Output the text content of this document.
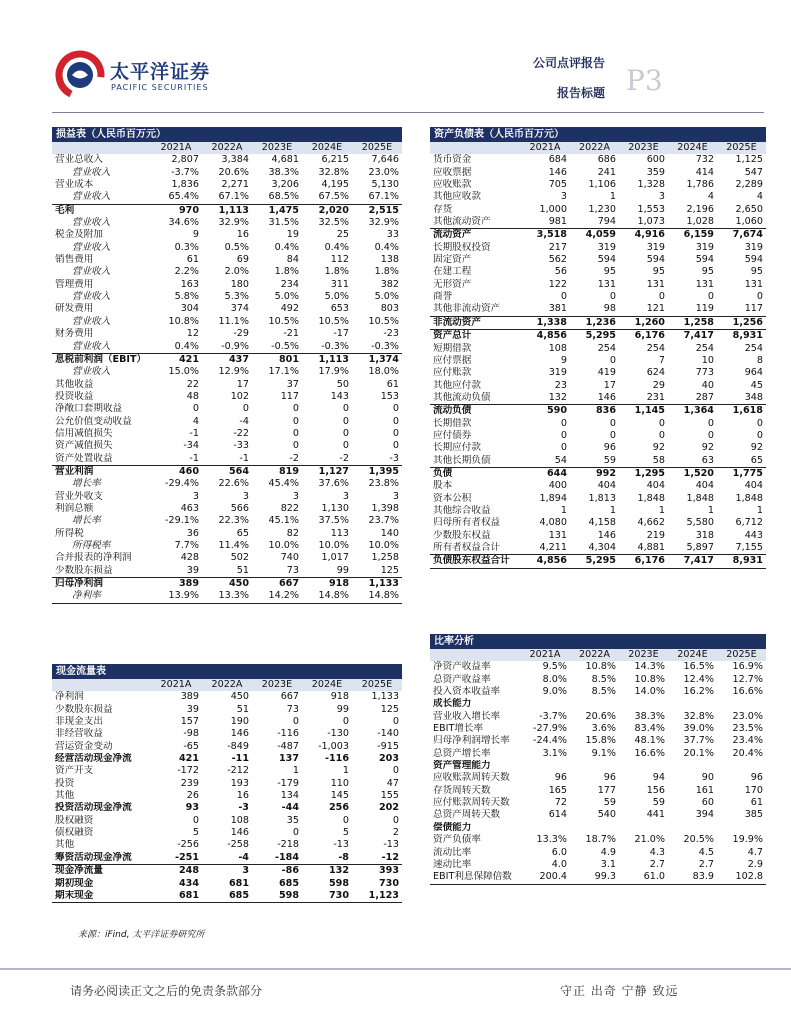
太平洋证券
PACIFIC SECURITIES
公司点评报告
报告标题 P3
损益表（人民币百万元）
	2021A	2022A	2023E	2024E	2025E
营业总收入	2,807	3,384	4,681	6,215	7,646
营业收入	-3.7%	20.6%	38.3%	32.8%	23.0%
营业成本	1,836	2,271	3,206	4,195	5,130
营业收入	65.4%	67.1%	68.5%	67.5%	67.1%
毛利	970	1,113	1,475	2,020	2,515
营业收入	34.6%	32.9%	31.5%	32.5%	32.9%
税金及附加	9	16	19	25	33
营业收入	0.3%	0.5%	0.4%	0.4%	0.4%
销售费用	61	69	84	112	138
营业收入	2.2%	2.0%	1.8%	1.8%	1.8%
管理费用	163	180	234	311	382
营业收入	5.8%	5.3%	5.0%	5.0%	5.0%
研发费用	304	374	492	653	803
营业收入	10.8%	11.1%	10.5%	10.5%	10.5%
财务费用	12	-29	-21	-17	-23
营业收入	0.4%	-0.9%	-0.5%	-0.3%	-0.3%
息税前利润（EBIT）	421	437	801	1,113	1,374
营业收入	15.0%	12.9%	17.1%	17.9%	18.0%
其他收益	22	17	37	50	61
投资收益	48	102	117	143	153
净敞口套期收益	0	0	0	0	0
公允价值变动收益	4	-4	0	0	0
信用减值损失	-1	-22	0	0	0
资产减值损失	-34	-33	0	0	0
资产处置收益	-1	-1	-2	-2	-3
营业利润	460	564	819	1,127	1,395
增长率	-29.4%	22.6%	45.4%	37.6%	23.8%
营业外收支	3	3	3	3	3
利润总额	463	566	822	1,130	1,398
增长率	-29.1%	22.3%	45.1%	37.5%	23.7%
所得税	36	65	82	113	140
所得税率	7.7%	11.4%	10.0%	10.0%	10.0%
合并报表的净利润	428	502	740	1,017	1,258
少数股东损益	39	51	73	99	125
归母净利润	389	450	667	918	1,133
净利率	13.9%	13.3%	14.2%	14.8%	14.8%
资产负债表（人民币百万元）
	2021A	2022A	2023E	2024E	2025E
货币资金	684	686	600	732	1,125
应收票据	146	241	359	414	547
应收账款	705	1,106	1,328	1,786	2,289
其他应收款	3	1	3	4	4
存货	1,000	1,230	1,553	2,196	2,650
其他流动资产	981	794	1,073	1,028	1,060
流动资产	3,518	4,059	4,916	6,159	7,674
长期股权投资	217	319	319	319	319
固定资产	562	594	594	594	594
在建工程	56	95	95	95	95
无形资产	122	131	131	131	131
商誉	0	0	0	0	0
其他非流动资产	381	98	121	119	117
非流动资产	1,338	1,236	1,260	1,258	1,256
资产总计	4,856	5,295	6,176	7,417	8,931
短期借款	108	254	254	254	254
应付票据	9	0	7	10	8
应付账款	319	419	624	773	964
其他应付款	23	17	29	40	45
其他流动负债	132	146	231	287	348
流动负债	590	836	1,145	1,364	1,618
长期借款	0	0	0	0	0
应付债券	0	0	0	0	0
长期应付款	0	96	92	92	92
其他长期负债	54	59	58	63	65
负债	644	992	1,295	1,520	1,775
股本	400	404	404	404	404
资本公积	1,894	1,813	1,848	1,848	1,848
其他综合收益	1	1	1	1	1
归母所有者权益	4,080	4,158	4,662	5,580	6,712
少数股东权益	131	146	219	318	443
所有者权益合计	4,211	4,304	4,881	5,897	7,155
负债股东权益合计	4,856	5,295	6,176	7,417	8,931
现金流量表
	2021A	2022A	2023E	2024E	2025E
净利润	389	450	667	918	1,133
少数股东损益	39	51	73	99	125
非现金支出	157	190	0	0	0
非经营收益	-98	146	-116	-130	-140
营运资金变动	-65	-849	-487	-1,003	-915
经营活动现金净流	421	-11	137	-116	203
资产开支	-172	-212	1	1	0
投资	239	193	-179	110	47
其他	26	16	134	145	155
投资活动现金净流	93	-3	-44	256	202
股权融资	0	108	35	0	0
债权融资	5	146	0	5	2
其他	-256	-258	-218	-13	-13
筹资活动现金净流	-251	-4	-184	-8	-12
现金净流量	248	3	-86	132	393
期初现金	434	681	685	598	730
期末现金	681	685	598	730	1,123
比率分析
	2021A	2022A	2023E	2024E	2025E
净资产收益率	9.5%	10.8%	14.3%	16.5%	16.9%
总资产收益率	8.0%	8.5%	10.8%	12.4%	12.7%
投入资本收益率	9.0%	8.5%	14.0%	16.2%	16.6%
成长能力					
营业收入增长率	-3.7%	20.6%	38.3%	32.8%	23.0%
EBIT增长率	-27.9%	3.6%	83.4%	39.0%	23.5%
归母净利润增长率	-24.4%	15.8%	48.1%	37.7%	23.4%
总资产增长率	3.1%	9.1%	16.6%	20.1%	20.4%
资产管理能力					
应收账款周转天数	96	96	94	90	96
存货周转天数	165	177	156	161	170
应付账款周转天数	72	59	59	60	61
总资产周转天数	614	540	441	394	385
偿债能力					
资产负债率	13.3%	18.7%	21.0%	20.5%	19.9%
流动比率	6.0	4.9	4.3	4.5	4.7
速动比率	4.0	3.1	2.7	2.7	2.9
EBIT利息保障倍数	200.4	99.3	61.0	83.9	102.8
来源：iFind, 太平洋证券研究所
请务必阅读正文之后的免责条款部分	守正 出奇 宁静 致远
